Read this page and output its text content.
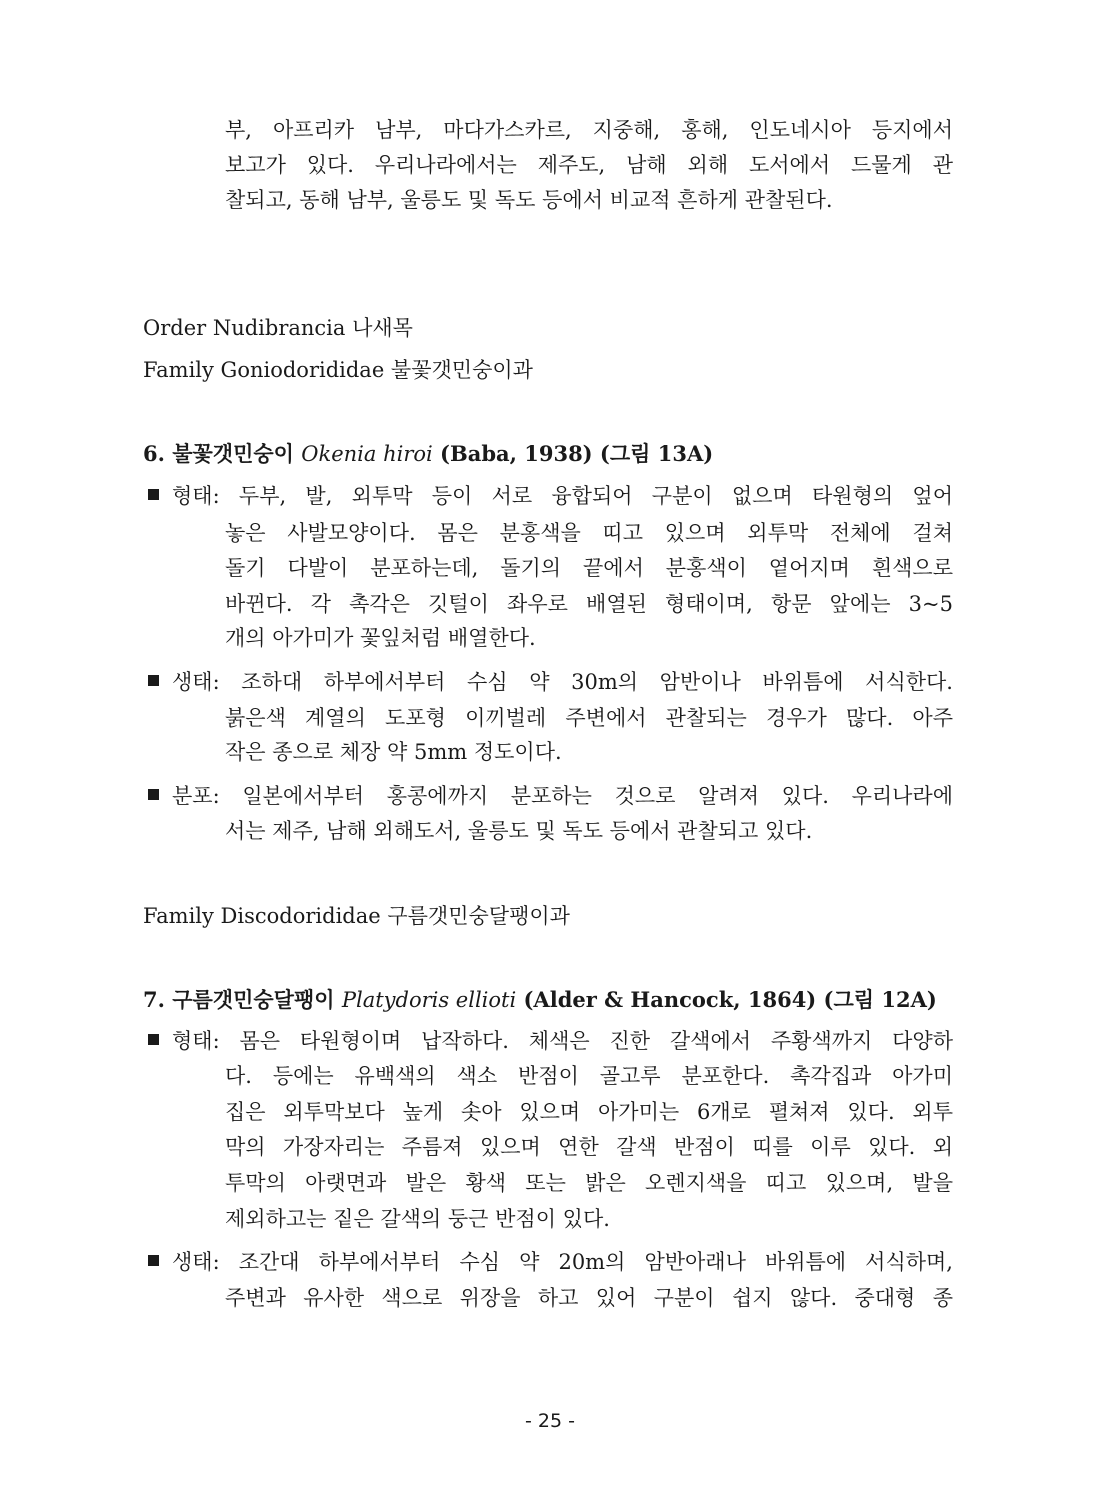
부, 아프리카 남부, 마다가스카르, 지중해, 홍해, 인도네시아 등지에서
보고가 있다. 우리나라에서는 제주도, 남해 외해 도서에서 드물게 관
찰되고, 동해 남부, 울릉도 및 독도 등에서 비교적 흔하게 관찰된다.
Order Nudibrancia 나새목
Family Goniodorididae 불꽃갯민숭이과
6. 불꽃갯민숭이 Okenia hiroi (Baba, 1938) (그림 13A)
형태: 두부, 발, 외투막 등이 서로 융합되어 구분이 없으며 타원형의 엎어
놓은 사발모양이다. 몸은 분홍색을 띠고 있으며 외투막 전체에 걸쳐
돌기 다발이 분포하는데, 돌기의 끝에서 분홍색이 옅어지며 흰색으로
바뀐다. 각 촉각은 깃털이 좌우로 배열된 형태이며, 항문 앞에는 3~5
개의 아가미가 꽃잎처럼 배열한다.
생태: 조하대 하부에서부터 수심 약 30m의 암반이나 바위틈에 서식한다.
붉은색 계열의 도포형 이끼벌레 주변에서 관찰되는 경우가 많다. 아주
작은 종으로 체장 약 5mm 정도이다.
분포: 일본에서부터 홍콩에까지 분포하는 것으로 알려져 있다. 우리나라에
서는 제주, 남해 외해도서, 울릉도 및 독도 등에서 관찰되고 있다.
Family Discodorididae 구름갯민숭달팽이과
7. 구름갯민숭달팽이 Platydoris ellioti (Alder & Hancock, 1864) (그림 12A)
형태: 몸은 타원형이며 납작하다. 체색은 진한 갈색에서 주황색까지 다양하
다. 등에는 유백색의 색소 반점이 골고루 분포한다. 촉각집과 아가미
집은 외투막보다 높게 솟아 있으며 아가미는 6개로 펼쳐져 있다. 외투
막의 가장자리는 주름져 있으며 연한 갈색 반점이 띠를 이루 있다. 외
투막의 아랫면과 발은 황색 또는 밝은 오렌지색을 띠고 있으며, 발을
제외하고는 짙은 갈색의 둥근 반점이 있다.
생태: 조간대 하부에서부터 수심 약 20m의 암반아래나 바위틈에 서식하며,
주변과 유사한 색으로 위장을 하고 있어 구분이 쉽지 않다. 중대형 종
- 25 -
